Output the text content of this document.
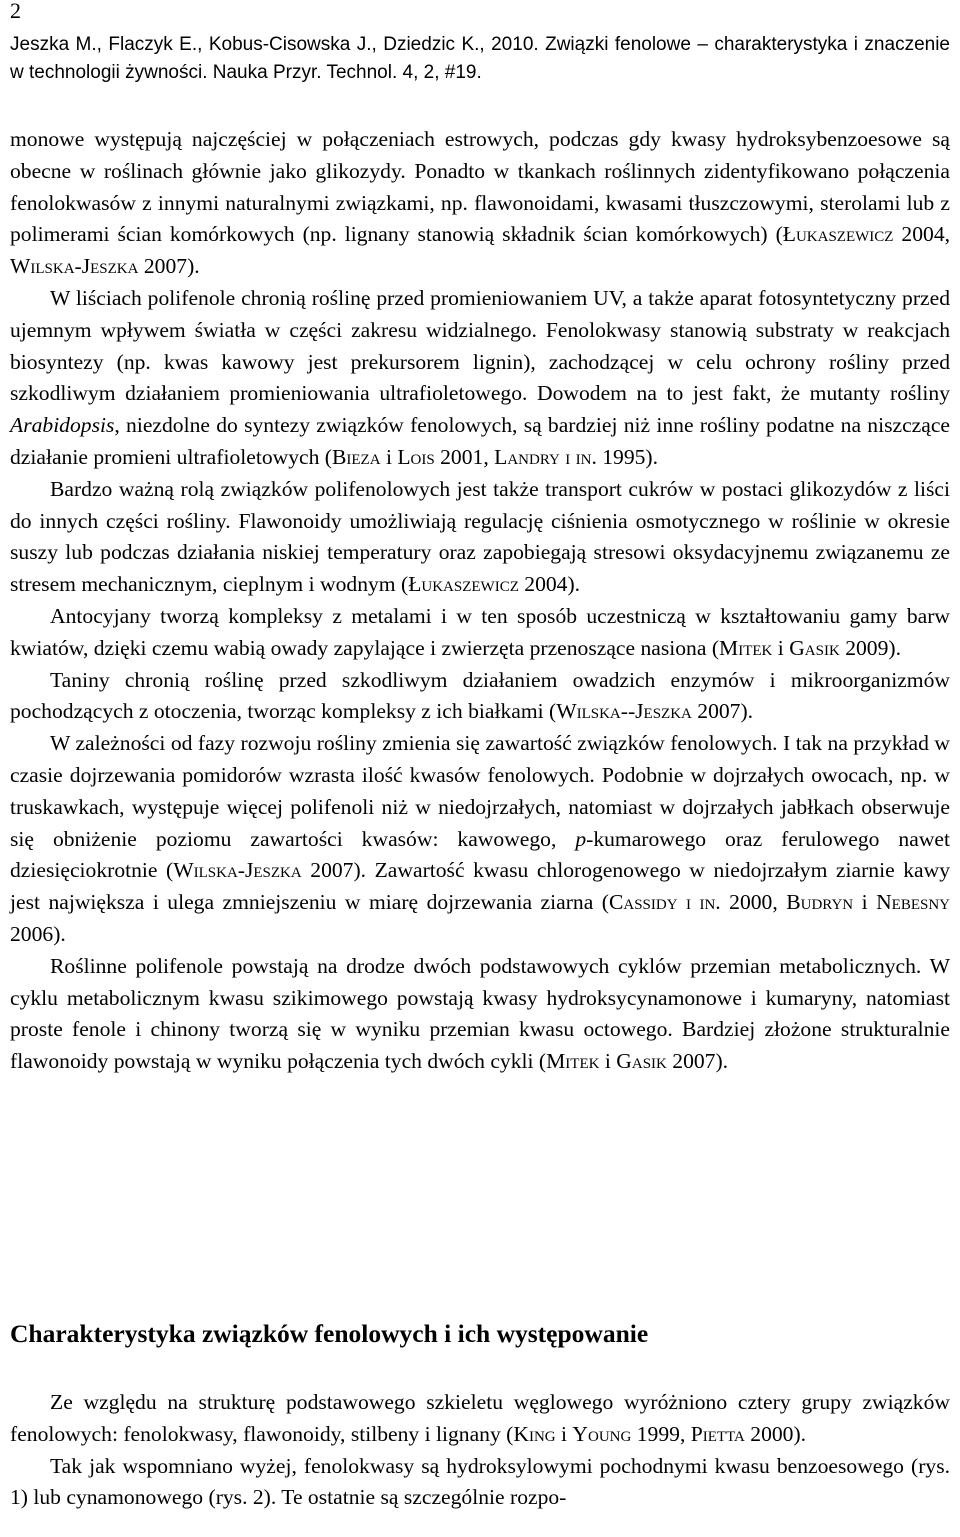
2
Jeszka M., Flaczyk E., Kobus-Cisowska J., Dziedzic K., 2010. Związki fenolowe – charakterystyka i znaczenie w technologii żywności. Nauka Przyr. Technol. 4, 2, #19.

monowe występują najczęściej w połączeniach estrowych, podczas gdy kwasy hydroksybenzoesowe są obecne w roślinach głównie jako glikozydy. Ponadto w tkankach roślinnych zidentyfikowano połączenia fenolokwasów z innymi naturalnymi związkami, np. flawonoidami, kwasami tłuszczowymi, sterolami lub z polimerami ścian komórkowych (np. lignany stanowią składnik ścian komórkowych) (Łukaszewicz 2004, Wilska-Jeszka 2007).

W liściach polifenole chronią roślinę przed promieniowaniem UV, a także aparat fotosyntetyczny przed ujemnym wpływem światła w części zakresu widzialnego. Fenolokwasy stanowią substraty w reakcjach biosyntezy (np. kwas kawowy jest prekursorem lignin), zachodzącej w celu ochrony rośliny przed szkodliwym działaniem promieniowania ultrafioletowego. Dowodem na to jest fakt, że mutanty rośliny Arabidopsis, niezdolne do syntezy związków fenolowych, są bardziej niż inne rośliny podatne na niszczące działanie promieni ultrafioletowych (Bieza i Lois 2001, Landry i in. 1995).

Bardzo ważną rolą związków polifenolowych jest także transport cukrów w postaci glikozydów z liści do innych części rośliny. Flawonoidy umożliwiają regulację ciśnienia osmotycznego w roślinie w okresie suszy lub podczas działania niskiej temperatury oraz zapobiegają stresowi oksydacyjnemu związanemu ze stresem mechanicznym, cieplnym i wodnym (Łukaszewicz 2004).

Antocyjany tworzą kompleksy z metalami i w ten sposób uczestniczą w kształtowaniu gamy barw kwiatów, dzięki czemu wabią owady zapylające i zwierzęta przenoszące nasiona (Mitek i Gasik 2009).

Taniny chronią roślinę przed szkodliwym działaniem owadzich enzymów i mikroorganizmów pochodzących z otoczenia, tworząc kompleksy z ich białkami (Wilska--Jeszka 2007).

W zależności od fazy rozwoju rośliny zmienia się zawartość związków fenolowych. I tak na przykład w czasie dojrzewania pomidorów wzrasta ilość kwasów fenolowych. Podobnie w dojrzałych owocach, np. w truskawkach, występuje więcej polifenoli niż w niedojrzałych, natomiast w dojrzałych jabłkach obserwuje się obniżenie poziomu zawartości kwasów: kawowego, p-kumarowego oraz ferulowego nawet dziesięciokrotnie (Wilska-Jeszka 2007). Zawartość kwasu chlorogenowego w niedojrzałym ziarnie kawy jest największa i ulega zmniejszeniu w miarę dojrzewania ziarna (Cassidy i in. 2000, Budryn i Nebesny 2006).

Roślinne polifenole powstają na drodze dwóch podstawowych cyklów przemian metabolicznych. W cyklu metabolicznym kwasu szikimowego powstają kwasy hydroksycynamonowe i kumaryny, natomiast proste fenole i chinony tworzą się w wyniku przemian kwasu octowego. Bardziej złożone strukturalnie flawonoidy powstają w wyniku połączenia tych dwóch cykli (Mitek i Gasik 2007).

Charakterystyka związków fenolowych i ich występowanie

Ze względu na strukturę podstawowego szkieletu węglowego wyróżniono cztery grupy związków fenolowych: fenolokwasy, flawonoidy, stilbeny i lignany (King i Young 1999, Pietta 2000).

Tak jak wspomniano wyżej, fenolokwasy są hydroksylowymi pochodnymi kwasu benzoesowego (rys. 1) lub cynamonowego (rys. 2). Te ostatnie są szczególnie rozpo-
